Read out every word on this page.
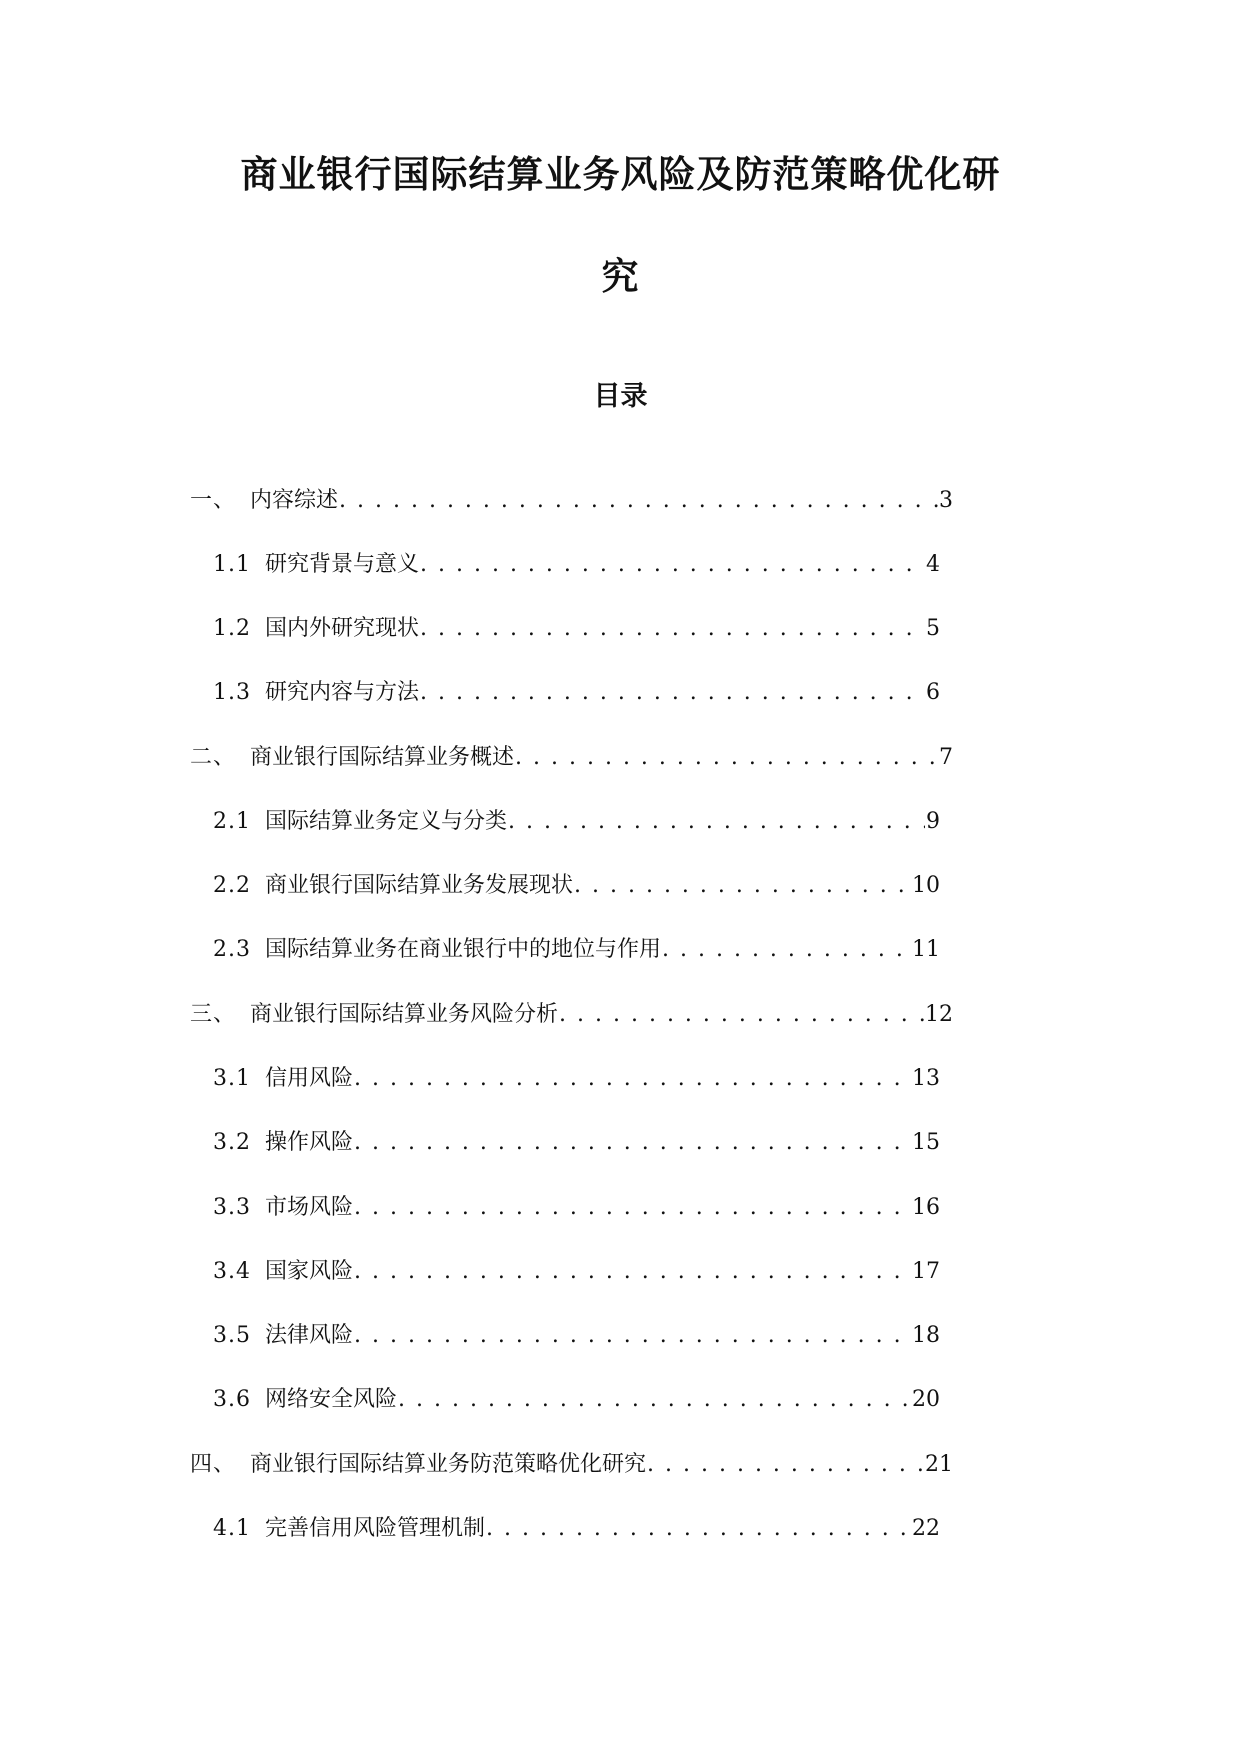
商业银行国际结算业务风险及防范策略优化研
究
目录
一、 内容综述 . . .	3
1.1 研究背景与意义 . . .	4
1.2 国内外研究现状 . . .	5
1.3 研究内容与方法 . . .	6
二、 商业银行国际结算业务概述 . . .	7
2.1 国际结算业务定义与分类 . . .	9
2.2 商业银行国际结算业务发展现状 . . .	10
2.3 国际结算业务在商业银行中的地位与作用 . . .	11
三、 商业银行国际结算业务风险分析 . . .	12
3.1 信用风险 . . .	13
3.2 操作风险 . . .	15
3.3 市场风险 . . .	16
3.4 国家风险 . . .	17
3.5 法律风险 . . .	18
3.6 网络安全风险 . . .	20
四、 商业银行国际结算业务防范策略优化研究 . . .	21
4.1 完善信用风险管理机制 . . .	22
